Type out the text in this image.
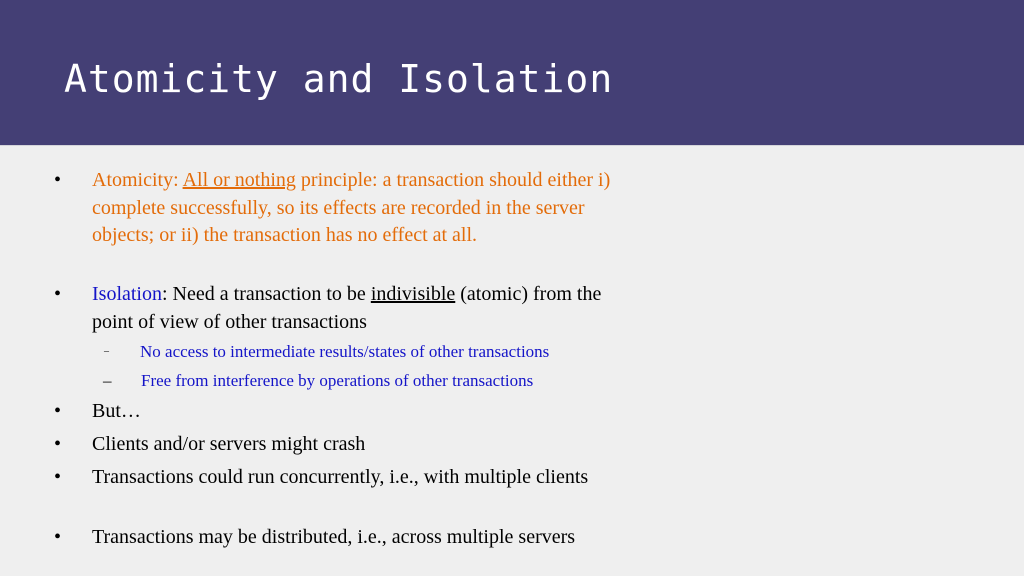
Atomicity and Isolation
• Atomicity: All or nothing principle: a transaction should either i) complete successfully, so its effects are recorded in the server objects; or ii) the transaction has no effect at all.
• Isolation: Need a transaction to be indivisible (atomic) from the point of view of other transactions
– No access to intermediate results/states of other transactions
– Free from interference by operations of other transactions
• But…
• Clients and/or servers might crash
• Transactions could run concurrently, i.e., with multiple clients
• Transactions may be distributed, i.e., across multiple servers
